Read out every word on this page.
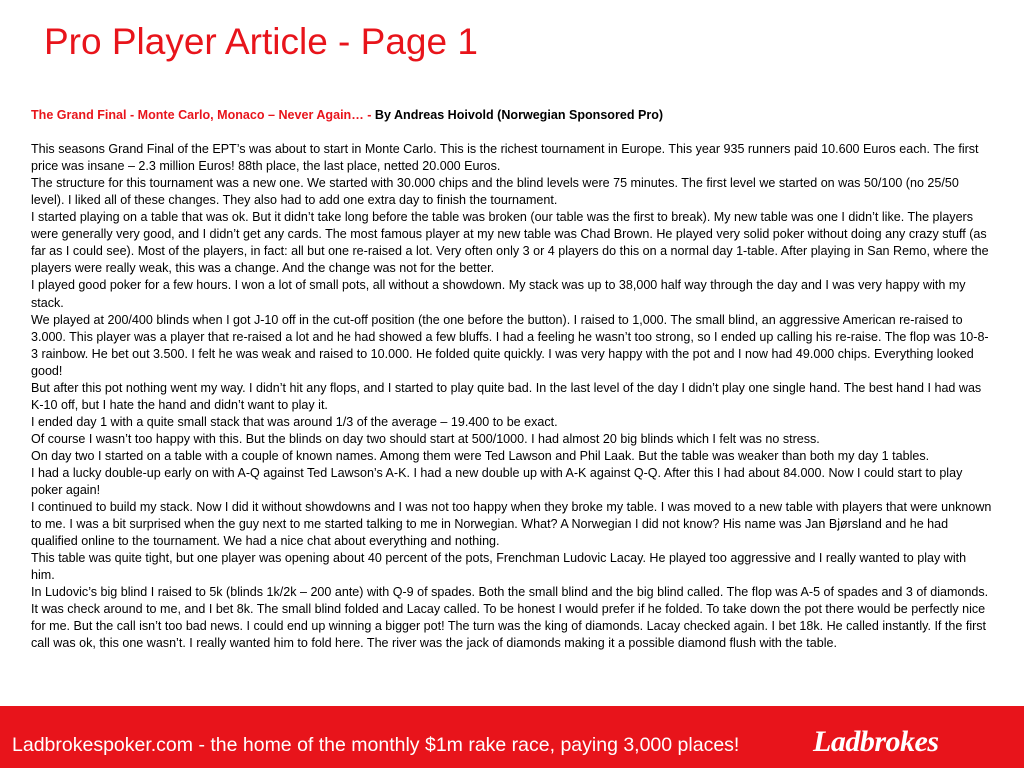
Pro Player Article - Page 1

The Grand Final - Monte Carlo, Monaco – Never Again… - By Andreas Hoivold (Norwegian Sponsored Pro)

This seasons Grand Final of the EPT’s was about to start in Monte Carlo. This is the richest tournament in Europe. This year 935 runners paid 10.600 Euros each. The first price was insane – 2.3 million Euros! 88th place, the last place, netted 20.000 Euros.

The structure for this tournament was a new one. We started with 30.000 chips and the blind levels were 75 minutes. The first level we started on was 50/100 (no 25/50 level). I liked all of these changes. They also had to add one extra day to finish the tournament.

I started playing on a table that was ok. But it didn’t take long before the table was broken (our table was the first to break). My new table was one I didn’t like. The players were generally very good, and I didn’t get any cards. The most famous player at my new table was Chad Brown. He played very solid poker without doing any crazy stuff (as far as I could see). Most of the players, in fact: all but one re-raised a lot. Very often only 3 or 4 players do this on a normal day 1-table. After playing in San Remo, where the players were really weak, this was a change. And the change was not for the better.

I played good poker for a few hours. I won a lot of small pots, all without a showdown. My stack was up to 38,000 half way through the day and I was very happy with my stack.

We played at 200/400 blinds when I got J-10 off in the cut-off position (the one before the button). I raised to 1,000. The small blind, an aggressive American re-raised to 3.000. This player was a player that re-raised a lot and he had showed a few bluffs. I had a feeling he wasn’t too strong, so I ended up calling his re-raise. The flop was 10-8-3 rainbow. He bet out 3.500. I felt he was weak and raised to 10.000. He folded quite quickly. I was very happy with the pot and I now had 49.000 chips. Everything looked good!

But after this pot nothing went my way. I didn’t hit any flops, and I started to play quite bad. In the last level of the day I didn’t play one single hand. The best hand I had was K-10 off, but I hate the hand and didn’t want to play it.

I ended day 1 with a quite small stack that was around 1/3 of the average – 19.400 to be exact.

Of course I wasn’t too happy with this. But the blinds on day two should start at 500/1000. I had almost 20 big blinds which I felt was no stress.

On day two I started on a table with a couple of known names. Among them were Ted Lawson and Phil Laak. But the table was weaker than both my day 1 tables.

I had a lucky double-up early on with A-Q against Ted Lawson’s A-K. I had a new double up with A-K against Q-Q. After this I had about 84.000. Now I could start to play poker again!

I continued to build my stack. Now I did it without showdowns and I was not too happy when they broke my table. I was moved to a new table with players that were unknown to me. I was a bit surprised when the guy next to me started talking to me in Norwegian. What? A Norwegian I did not know? His name was Jan Bjørsland and he had qualified online to the tournament. We had a nice chat about everything and nothing.

This table was quite tight, but one player was opening about 40 percent of the pots, Frenchman Ludovic Lacay. He played too aggressive and I really wanted to play with him.

In Ludovic’s big blind I raised to 5k (blinds 1k/2k – 200 ante) with Q-9 of spades. Both the small blind and the big blind called. The flop was A-5 of spades and 3 of diamonds. It was check around to me, and I bet 8k. The small blind folded and Lacay called. To be honest I would prefer if he folded. To take down the pot there would be perfectly nice for me. But the call isn’t too bad news. I could end up winning a bigger pot! The turn was the king of diamonds. Lacay checked again. I bet 18k. He called instantly. If the first call was ok, this one wasn’t. I really wanted him to fold here. The river was the jack of diamonds making it a possible diamond flush with the table.

Ladbrokespoker.com - the home of the monthly $1m rake race, paying 3,000 places! Ladbrokes
